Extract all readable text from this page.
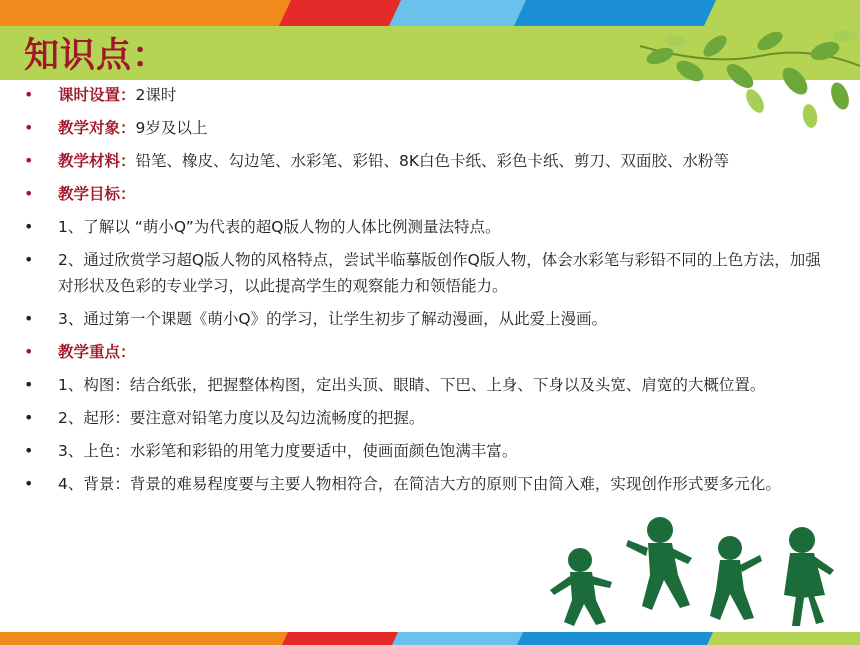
知识点：
• 课时设置：2课时
• 教学对象：9岁及以上
• 教学材料：铅笔、橡皮、勾边笔、水彩笔、彩铅、8K白色卡纸、彩色卡纸、剪刀、双面胶、水粉等
• 教学目标：
• 1、了解以 “萌小Q”为代表的超Q版人物的人体比例测量法特点。
• 2、通过欣赏学习超Q版人物的风格特点，尝试半临摹版创作Q版人物，体会水彩笔与彩铅不同的上色方法，加强对形状及色彩的专业学习，以此提高学生的观察能力和领悟能力。
• 3、通过第一个课题《萌小Q》的学习，让学生初步了解动漫画，从此爱上漫画。
• 教学重点：
• 1、构图：结合纸张，把握整体构图，定出头顶、眼睛、下巴、上身、下身以及头宽、肩宽的大概位置。
• 2、起形：要注意对铅笔力度以及勾边流畅度的把握。
• 3、上色：水彩笔和彩铅的用笔力度要适中，使画面颜色饱满丰富。
• 4、背景：背景的难易程度要与主要人物相符合，在简洁大方的原则下由简入难，实现创作形式要多元化。
